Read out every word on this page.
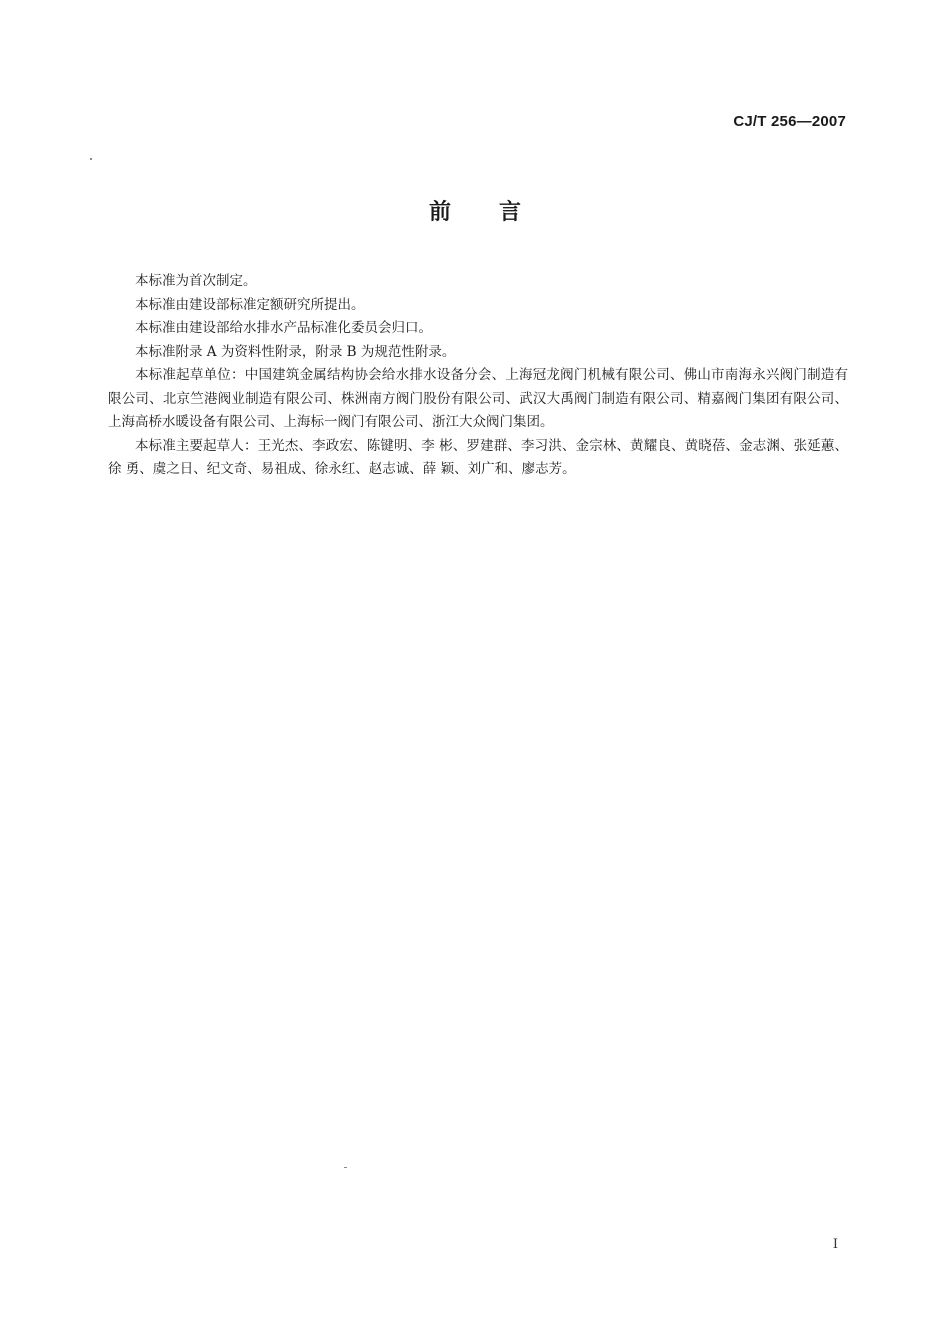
CJ/T 256—2007
前言

本标准为首次制定。

本标准由建设部标准定额研究所提出。

本标准由建设部给水排水产品标准化委员会归口。

本标准附录 A 为资料性附录，附录 B 为规范性附录。

本标准起草单位：中国建筑金属结构协会给水排水设备分会、上海冠龙阀门机械有限公司、佛山市南海永兴阀门制造有限公司、北京竺港阀业制造有限公司、株洲南方阀门股份有限公司、武汉大禹阀门制造有限公司、精嘉阀门集团有限公司、上海高桥水暖设备有限公司、上海标一阀门有限公司、浙江大众阀门集团。

本标准主要起草人：王光杰、李政宏、陈键明、李 彬、罗建群、李习洪、金宗林、黄耀良、黄晓蓓、金志渊、张延蕙、徐 勇、虞之日、纪文奇、易祖成、徐永红、赵志诚、薛 颖、刘广和、廖志芳。

I
